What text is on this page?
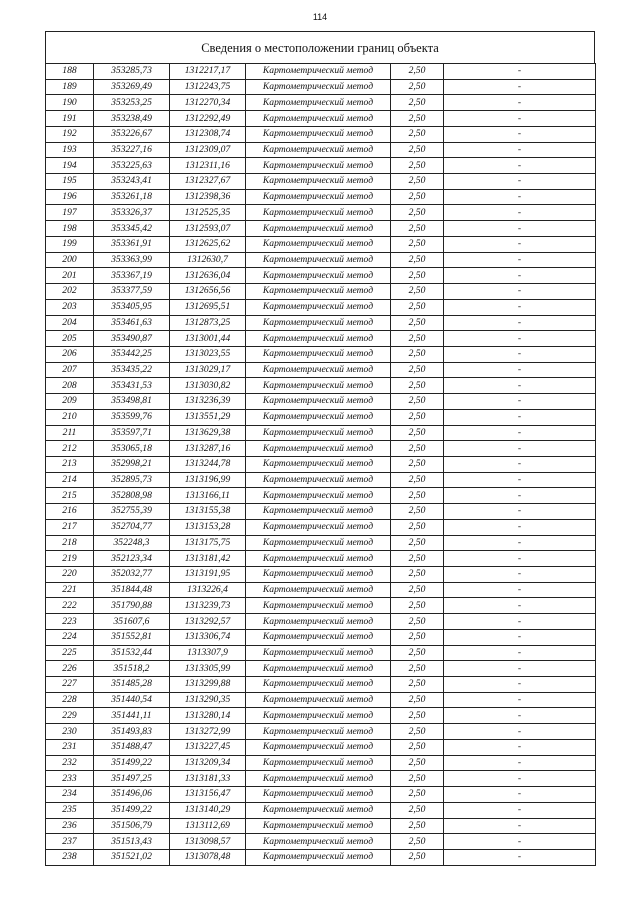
114
Сведения о местоположении границ объекта
188	353285,73	1312217,17	Картометрический метод	2,50	-
189	353269,49	1312243,75	Картометрический метод	2,50	-
190	353253,25	1312270,34	Картометрический метод	2,50	-
191	353238,49	1312292,49	Картометрический метод	2,50	-
192	353226,67	1312308,74	Картометрический метод	2,50	-
193	353227,16	1312309,07	Картометрический метод	2,50	-
194	353225,63	1312311,16	Картометрический метод	2,50	-
195	353243,41	1312327,67	Картометрический метод	2,50	-
196	353261,18	1312398,36	Картометрический метод	2,50	-
197	353326,37	1312525,35	Картометрический метод	2,50	-
198	353345,42	1312593,07	Картометрический метод	2,50	-
199	353361,91	1312625,62	Картометрический метод	2,50	-
200	353363,99	1312630,7	Картометрический метод	2,50	-
201	353367,19	1312636,04	Картометрический метод	2,50	-
202	353377,59	1312656,56	Картометрический метод	2,50	-
203	353405,95	1312695,51	Картометрический метод	2,50	-
204	353461,63	1312873,25	Картометрический метод	2,50	-
205	353490,87	1313001,44	Картометрический метод	2,50	-
206	353442,25	1313023,55	Картометрический метод	2,50	-
207	353435,22	1313029,17	Картометрический метод	2,50	-
208	353431,53	1313030,82	Картометрический метод	2,50	-
209	353498,81	1313236,39	Картометрический метод	2,50	-
210	353599,76	1313551,29	Картометрический метод	2,50	-
211	353597,71	1313629,38	Картометрический метод	2,50	-
212	353065,18	1313287,16	Картометрический метод	2,50	-
213	352998,21	1313244,78	Картометрический метод	2,50	-
214	352895,73	1313196,99	Картометрический метод	2,50	-
215	352808,98	1313166,11	Картометрический метод	2,50	-
216	352755,39	1313155,38	Картометрический метод	2,50	-
217	352704,77	1313153,28	Картометрический метод	2,50	-
218	352248,3	1313175,75	Картометрический метод	2,50	-
219	352123,34	1313181,42	Картометрический метод	2,50	-
220	352032,77	1313191,95	Картометрический метод	2,50	-
221	351844,48	1313226,4	Картометрический метод	2,50	-
222	351790,88	1313239,73	Картометрический метод	2,50	-
223	351607,6	1313292,57	Картометрический метод	2,50	-
224	351552,81	1313306,74	Картометрический метод	2,50	-
225	351532,44	1313307,9	Картометрический метод	2,50	-
226	351518,2	1313305,99	Картометрический метод	2,50	-
227	351485,28	1313299,88	Картометрический метод	2,50	-
228	351440,54	1313290,35	Картометрический метод	2,50	-
229	351441,11	1313280,14	Картометрический метод	2,50	-
230	351493,83	1313272,99	Картометрический метод	2,50	-
231	351488,47	1313227,45	Картометрический метод	2,50	-
232	351499,22	1313209,34	Картометрический метод	2,50	-
233	351497,25	1313181,33	Картометрический метод	2,50	-
234	351496,06	1313156,47	Картометрический метод	2,50	-
235	351499,22	1313140,29	Картометрический метод	2,50	-
236	351506,79	1313112,69	Картометрический метод	2,50	-
237	351513,43	1313098,57	Картометрический метод	2,50	-
238	351521,02	1313078,48	Картометрический метод	2,50	-
